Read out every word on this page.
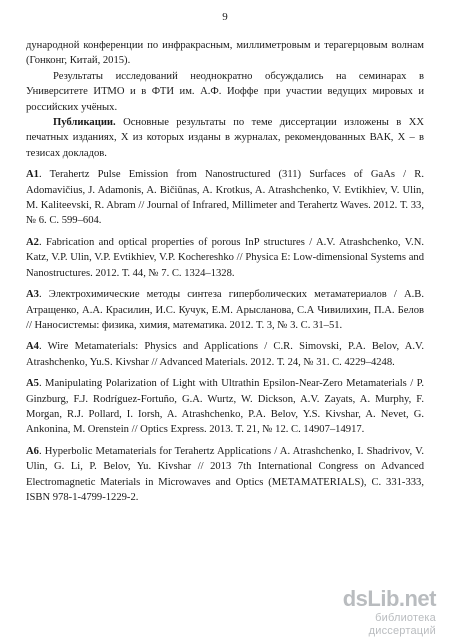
9

дународной конференции по инфракрасным, миллиметровым и терагерцовым волнам (Гонконг, Китай, 2015).

Результаты исследований неоднократно обсуждались на семинарах в Университете ИТМО и в ФТИ им. А.Ф. Иоффе при участии ведущих мировых и российских учёных.

Публикации. Основные результаты по теме диссертации изложены в XX печатных изданиях, X из которых изданы в журналах, рекомендованных ВАК, X – в тезисах докладов.

A1. Terahertz Pulse Emission from Nanostructured (311) Surfaces of GaAs / R. Adomavičius, J. Adamonis, A. Bičiūnas, A. Krotkus, A. Atrashchenko, V. Evtikhiev, V. Ulin, M. Kaliteevski, R. Abram // Journal of Infrared, Millimeter and Terahertz Waves. 2012. Т. 33, № 6. С. 599–604.

A2. Fabrication and optical properties of porous InP structures / A.V. Atrashchenko, V.N. Katz, V.P. Ulin, V.P. Evtikhiev, V.P. Kochereshko // Physica E: Low-dimensional Systems and Nanostructures. 2012. Т. 44, № 7. С. 1324–1328.

A3. Электрохимические методы синтеза гиперболических метаматериалов / А.В. Атращенко, А.А. Красилин, И.С. Кучук, Е.М. Арысланова, С.А Чивилихин, П.А. Белов // Наносистемы: физика, химия, математика. 2012. Т. 3, № 3. С. 31–51.

A4. Wire Metamaterials: Physics and Applications / C.R. Simovski, P.A. Belov, A.V. Atrashchenko, Yu.S. Kivshar // Advanced Materials. 2012. Т. 24, № 31. С. 4229–4248.

A5. Manipulating Polarization of Light with Ultrathin Epsilon-Near-Zero Metamaterials / P. Ginzburg, F.J. Rodríguez-Fortuño, G.A. Wurtz, W. Dickson, A.V. Zayats, A. Murphy, F. Morgan, R.J. Pollard, I. Iorsh, A. Atrashchenko, P.A. Belov, Y.S. Kivshar, A. Nevet, G. Ankonina, M. Orenstein // Optics Express. 2013. Т. 21, № 12. С. 14907–14917.

A6. Hyperbolic Metamaterials for Terahertz Applications / A. Atrashchenko, I. Shadrivov, V. Ulin, G. Li, P. Belov, Yu. Kivshar // 2013 7th International Congress on Advanced Electromagnetic Materials in Microwaves and Optics (METAMATERIALS), С. 331-333, ISBN 978-1-4799-1229-2.

dsLib.net
библиотека диссертаций
